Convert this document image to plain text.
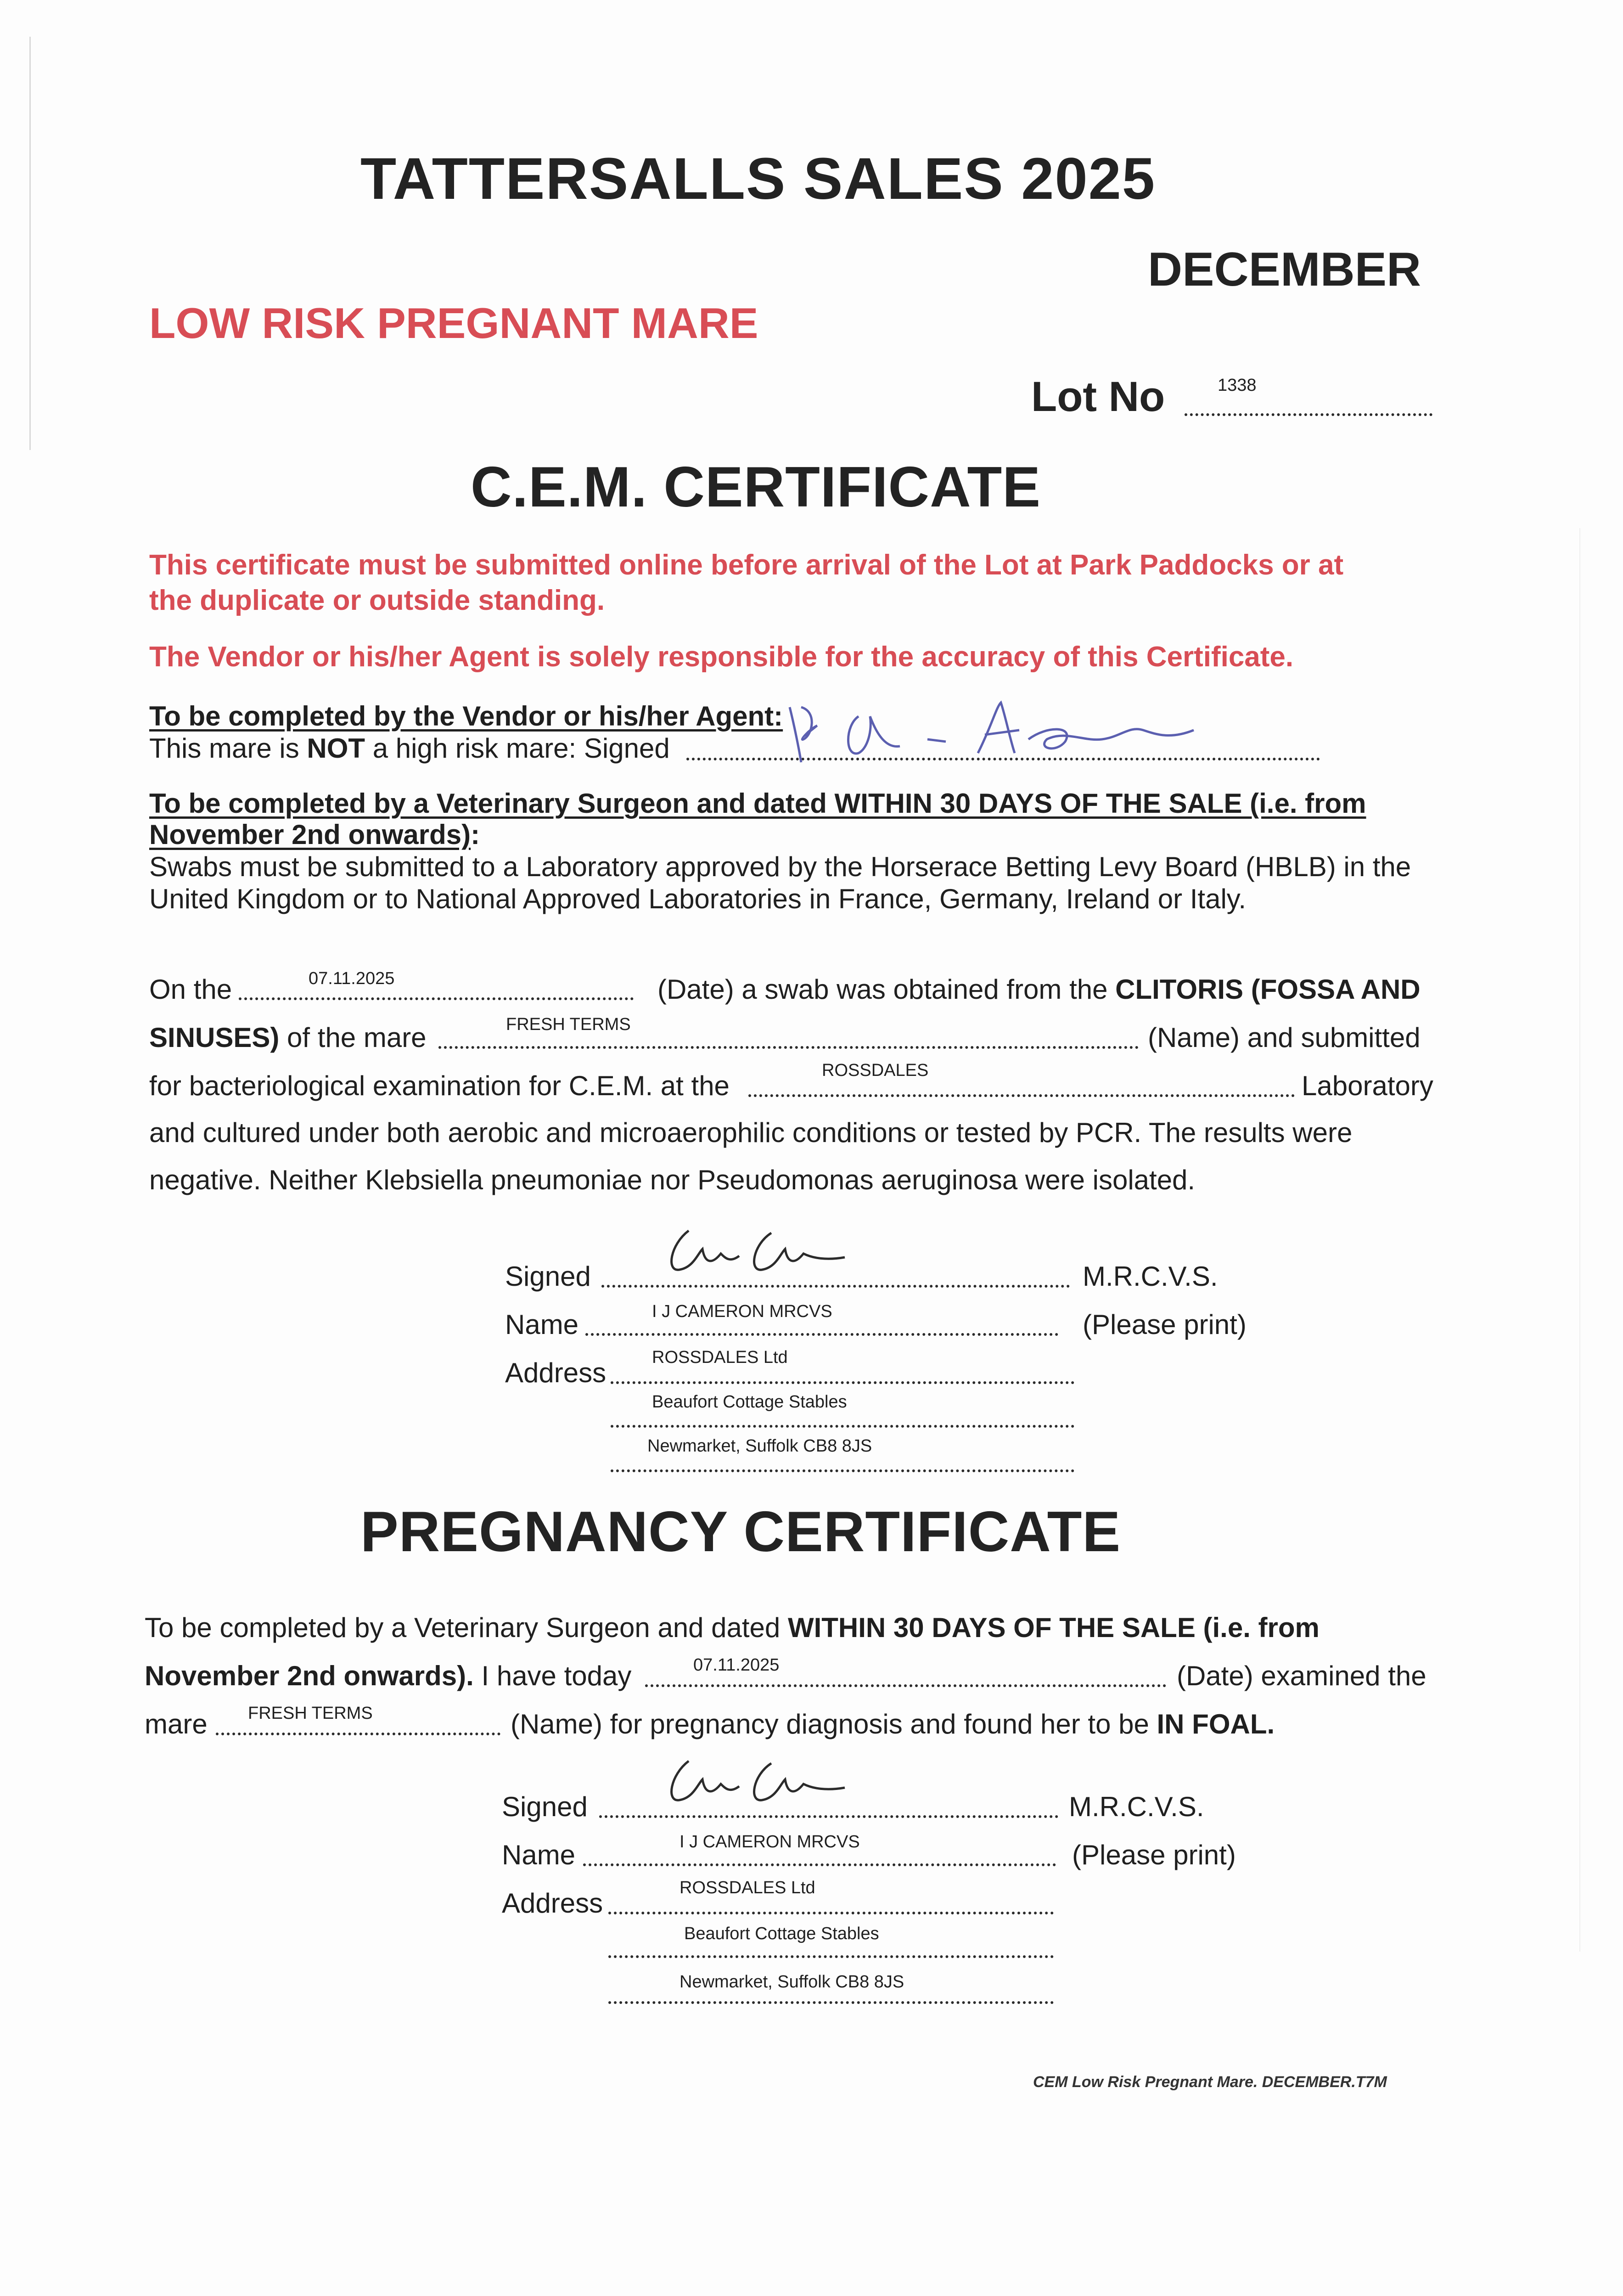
TATTERSALLS SALES 2025
DECEMBER
LOW RISK PREGNANT MARE
Lot No	1338
C.E.M. CERTIFICATE
This certificate must be submitted online before arrival of the Lot at Park Paddocks or at
the duplicate or outside standing.
The Vendor or his/her Agent is solely responsible for the accuracy of this Certificate.
To be completed by the Vendor or his/her Agent:
This mare is NOT a high risk mare: Signed
To be completed by a Veterinary Surgeon and dated WITHIN 30 DAYS OF THE SALE (i.e. from
November 2nd onwards):
Swabs must be submitted to a Laboratory approved by the Horserace Betting Levy Board (HBLB) in the
United Kingdom or to National Approved Laboratories in France, Germany, Ireland or Italy.
On the	07.11.2025	(Date) a swab was obtained from the CLITORIS (FOSSA AND
SINUSES) of the mare	FRESH TERMS	(Name) and submitted
for bacteriological examination for C.E.M. at the	ROSSDALES	Laboratory
and cultured under both aerobic and microaerophilic conditions or tested by PCR. The results were
negative. Neither Klebsiella pneumoniae nor Pseudomonas aeruginosa were isolated.
Signed	M.R.C.V.S.
Name	I J CAMERON MRCVS	(Please print)
Address	ROSSDALES Ltd
Beaufort Cottage Stables
Newmarket, Suffolk CB8 8JS
PREGNANCY CERTIFICATE
To be completed by a Veterinary Surgeon and dated WITHIN 30 DAYS OF THE SALE (i.e. from
November 2nd onwards). I have today	07.11.2025	(Date) examined the
mare FRESH TERMS	(Name) for pregnancy diagnosis and found her to be IN FOAL.
Signed	M.R.C.V.S.
Name	I J CAMERON MRCVS	(Please print)
Address	ROSSDALES Ltd
Beaufort Cottage Stables
Newmarket, Suffolk CB8 8JS
CEM Low Risk Pregnant Mare. DECEMBER.T7M
